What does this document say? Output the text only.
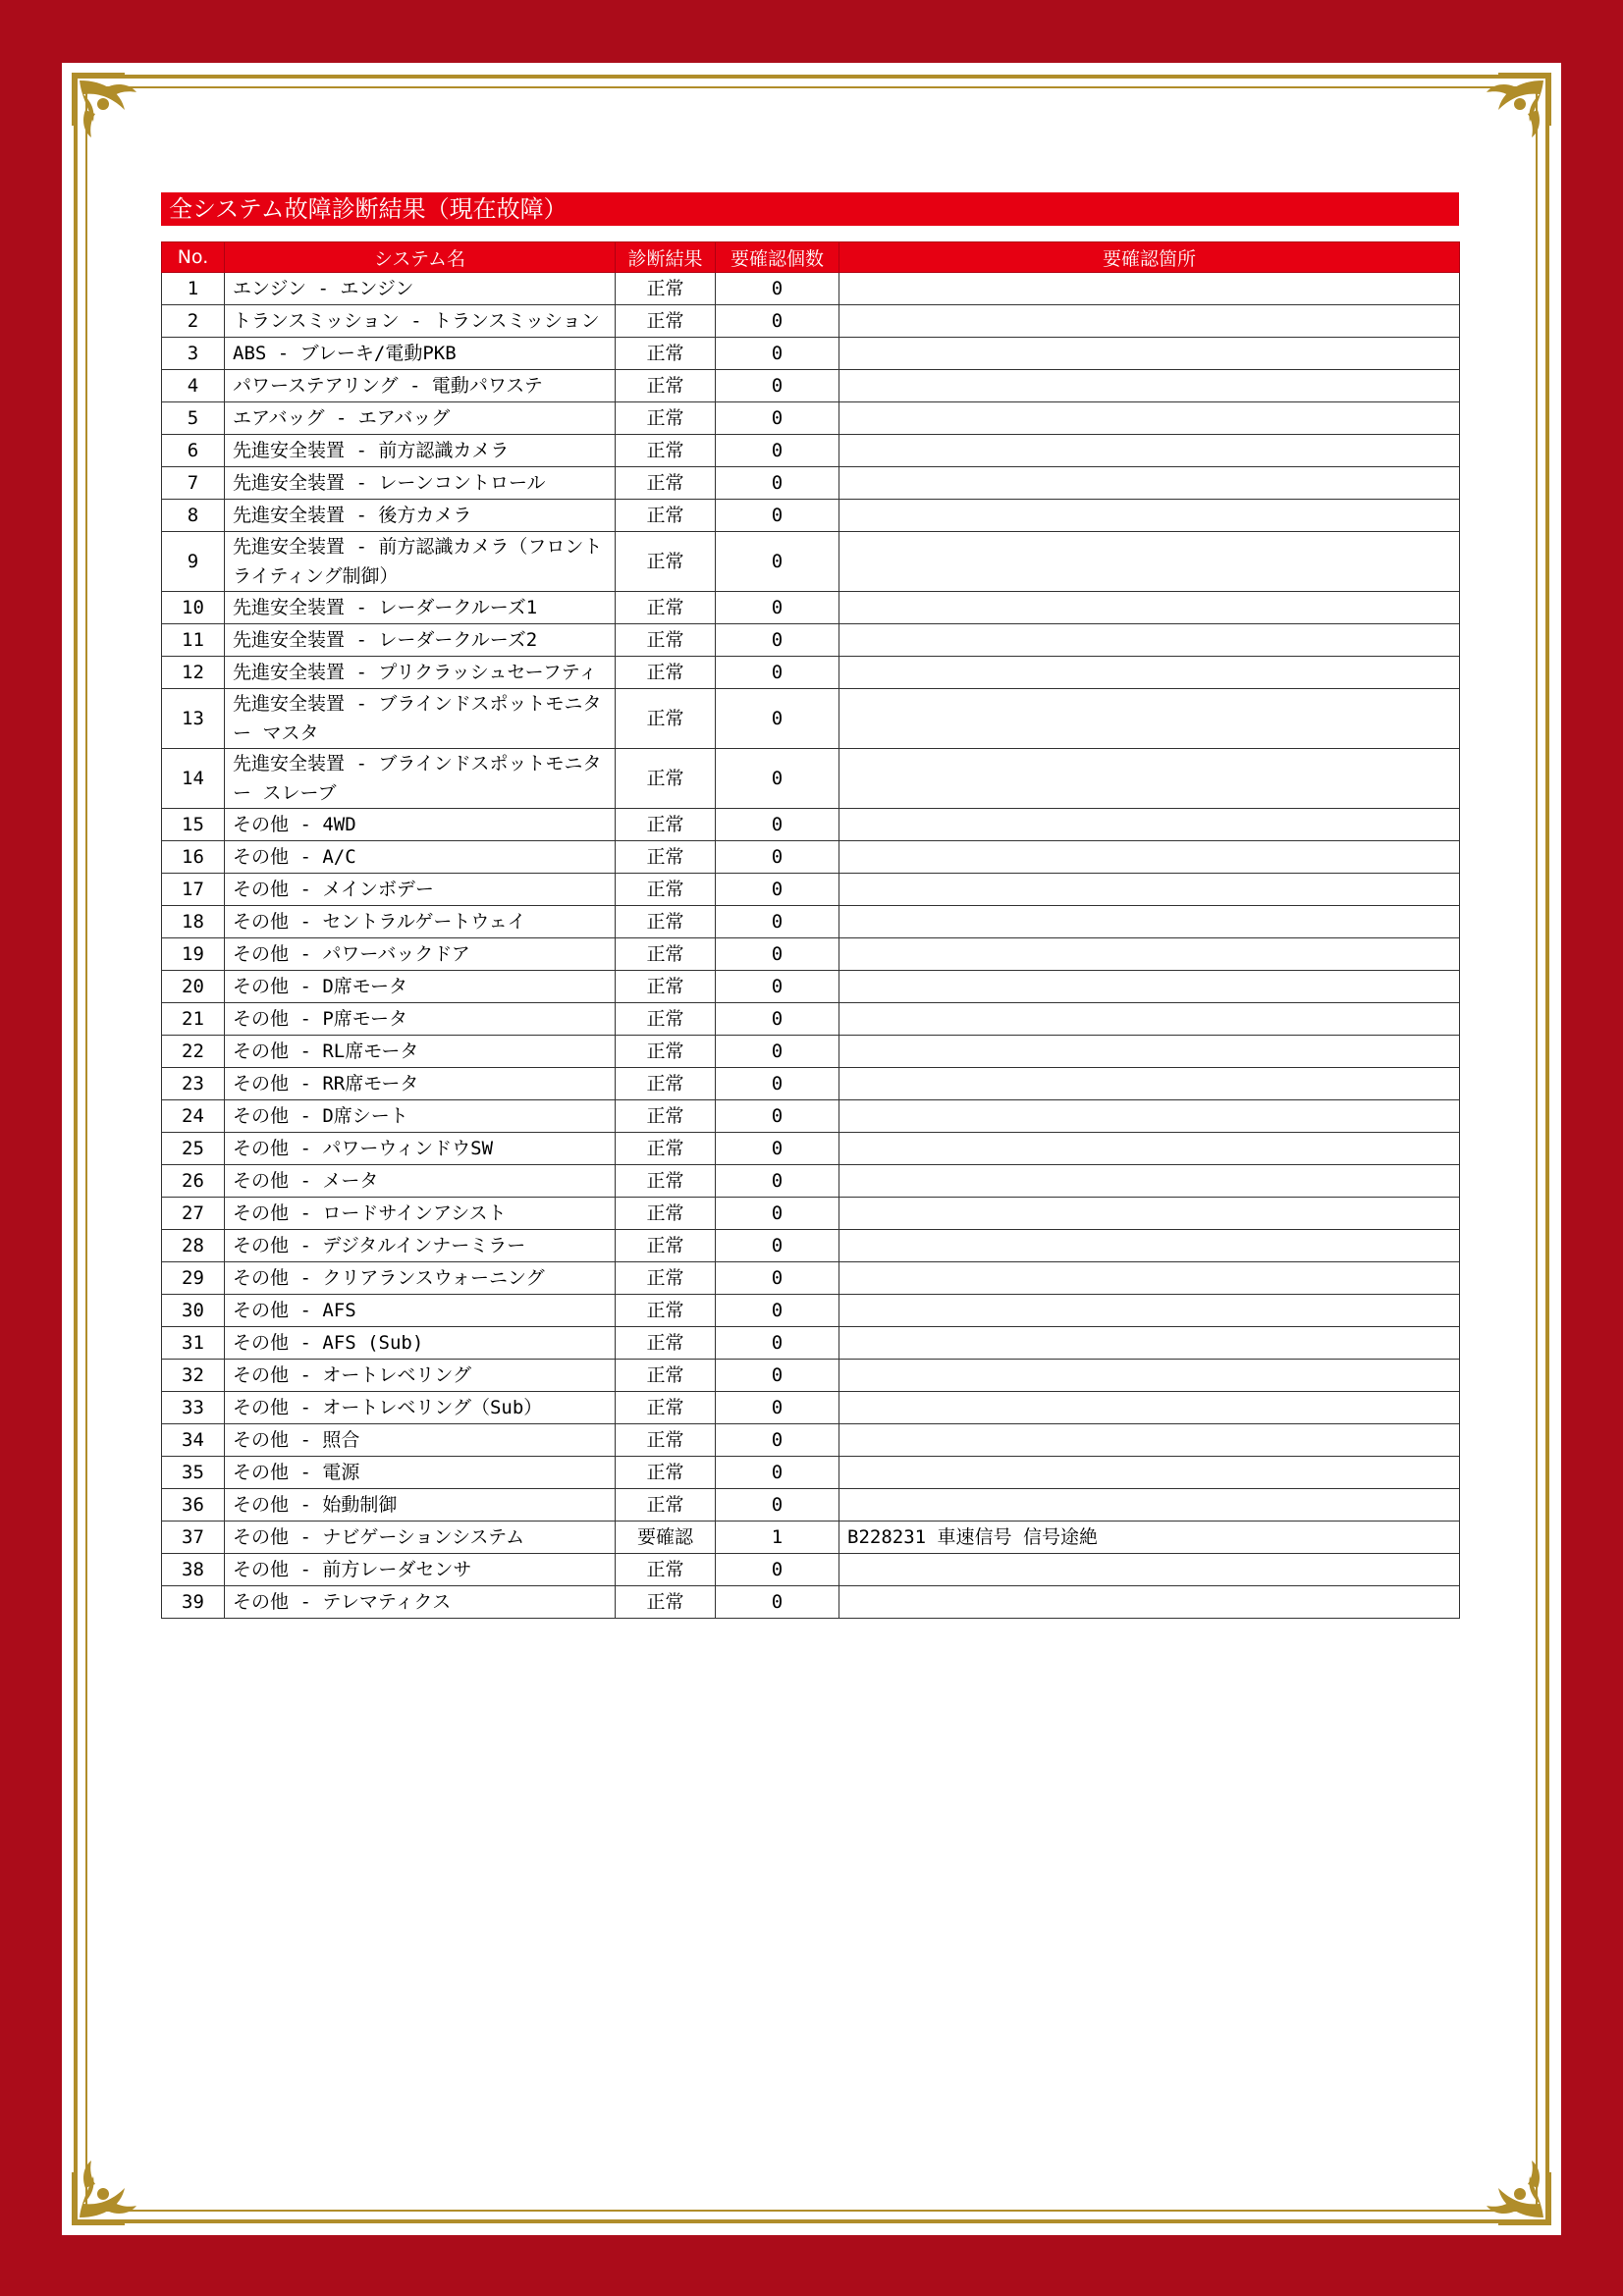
全システム故障診断結果（現在故障）
No.	システム名	診断結果	要確認個数	要確認箇所
1	エンジン - エンジン	正常	0	
2	トランスミッション - トランスミッション	正常	0	
3	ABS - ブレーキ/電動PKB	正常	0	
4	パワーステアリング - 電動パワステ	正常	0	
5	エアバッグ - エアバッグ	正常	0	
6	先進安全装置 - 前方認識カメラ	正常	0	
7	先進安全装置 - レーンコントロール	正常	0	
8	先進安全装置 - 後方カメラ	正常	0	
9	先進安全装置 - 前方認識カメラ（フロントライティング制御）	正常	0	
10	先進安全装置 - レーダークルーズ1	正常	0	
11	先進安全装置 - レーダークルーズ2	正常	0	
12	先進安全装置 - プリクラッシュセーフティ	正常	0	
13	先進安全装置 - ブラインドスポットモニター マスタ	正常	0	
14	先進安全装置 - ブラインドスポットモニター スレーブ	正常	0	
15	その他 - 4WD	正常	0	
16	その他 - A/C	正常	0	
17	その他 - メインボデー	正常	0	
18	その他 - セントラルゲートウェイ	正常	0	
19	その他 - パワーバックドア	正常	0	
20	その他 - D席モータ	正常	0	
21	その他 - P席モータ	正常	0	
22	その他 - RL席モータ	正常	0	
23	その他 - RR席モータ	正常	0	
24	その他 - D席シート	正常	0	
25	その他 - パワーウィンドウSW	正常	0	
26	その他 - メータ	正常	0	
27	その他 - ロードサインアシスト	正常	0	
28	その他 - デジタルインナーミラー	正常	0	
29	その他 - クリアランスウォーニング	正常	0	
30	その他 - AFS	正常	0	
31	その他 - AFS (Sub)	正常	0	
32	その他 - オートレベリング	正常	0	
33	その他 - オートレベリング（Sub）	正常	0	
34	その他 - 照合	正常	0	
35	その他 - 電源	正常	0	
36	その他 - 始動制御	正常	0	
37	その他 - ナビゲーションシステム	要確認	1	B228231 車速信号 信号途絶
38	その他 - 前方レーダセンサ	正常	0	
39	その他 - テレマティクス	正常	0	
